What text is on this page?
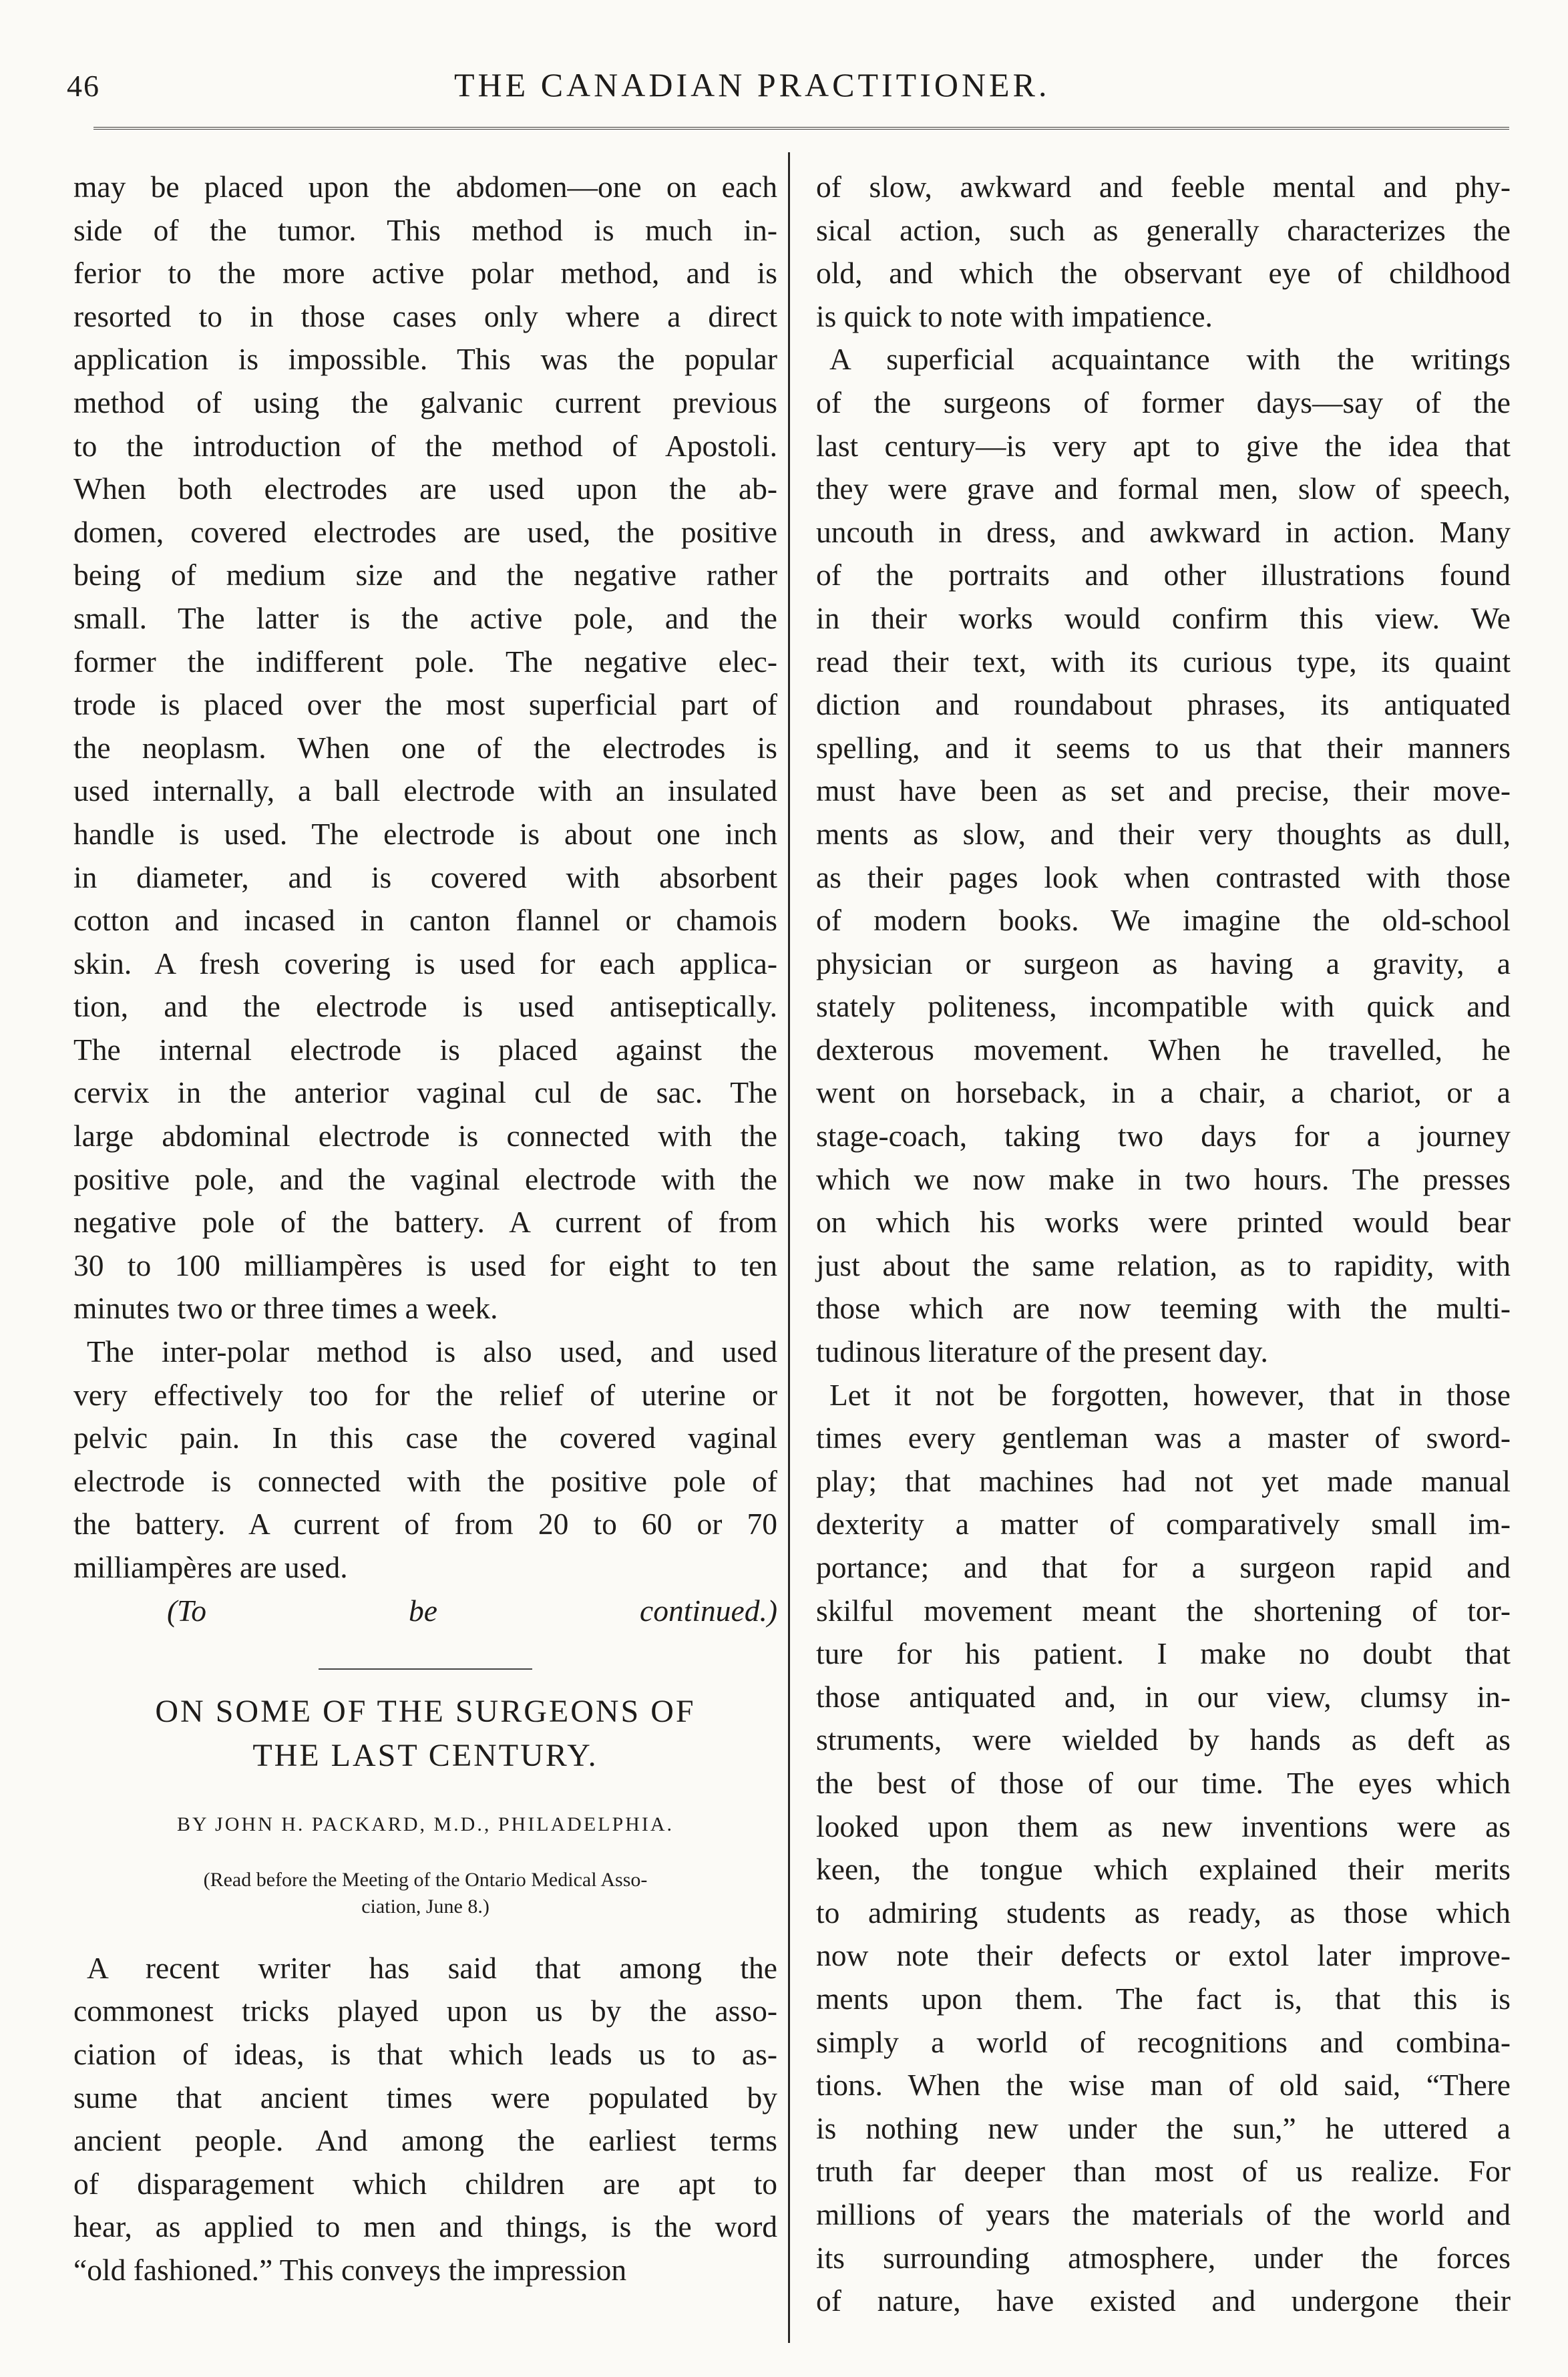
46	THE CANADIAN PRACTITIONER.

may be placed upon the abdomen—one on each

side of the tumor. This method is much in-

ferior to the more active polar method, and is

resorted to in those cases only where a direct

application is impossible. This was the popular

method of using the galvanic current previous

to the introduction of the method of Apostoli.

When both electrodes are used upon the ab-

domen, covered electrodes are used, the positive

being of medium size and the negative rather

small. The latter is the active pole, and the

former the indifferent pole. The negative elec-

trode is placed over the most superficial part of

the neoplasm. When one of the electrodes is

used internally, a ball electrode with an insulated

handle is used. The electrode is about one inch

in diameter, and is covered with absorbent

cotton and incased in canton flannel or chamois

skin. A fresh covering is used for each applica-

tion, and the electrode is used antiseptically.

The internal electrode is placed against the

cervix in the anterior vaginal cul de sac. The

large abdominal electrode is connected with the

positive pole, and the vaginal electrode with the

negative pole of the battery. A current of from

30 to 100 milliampères is used for eight to ten

minutes two or three times a week.

The inter-polar method is also used, and used

very effectively too for the relief of uterine or

pelvic pain. In this case the covered vaginal

electrode is connected with the positive pole of

the battery. A current of from 20 to 60 or 70

milliampères are used.

(To be continued.)

ON SOME OF THE SURGEONS OF
THE LAST CENTURY.
BY JOHN H. PACKARD, M.D., PHILADELPHIA.
(Read before the Meeting of the Ontario Medical Asso-
ciation, June 8.)

A recent writer has said that among the

commonest tricks played upon us by the asso-

ciation of ideas, is that which leads us to as-

sume that ancient times were populated by

ancient people. And among the earliest terms

of disparagement which children are apt to

hear, as applied to men and things, is the word

“old fashioned.” This conveys the impression

of slow, awkward and feeble mental and phy-

sical action, such as generally characterizes the

old, and which the observant eye of childhood

is quick to note with impatience.

A superficial acquaintance with the writings

of the surgeons of former days—say of the

last century—is very apt to give the idea that

they were grave and formal men, slow of speech,

uncouth in dress, and awkward in action. Many

of the portraits and other illustrations found

in their works would confirm this view. We

read their text, with its curious type, its quaint

diction and roundabout phrases, its antiquated

spelling, and it seems to us that their manners

must have been as set and precise, their move-

ments as slow, and their very thoughts as dull,

as their pages look when contrasted with those

of modern books. We imagine the old-school

physician or surgeon as having a gravity, a

stately politeness, incompatible with quick and

dexterous movement. When he travelled, he

went on horseback, in a chair, a chariot, or a

stage-coach, taking two days for a journey

which we now make in two hours. The presses

on which his works were printed would bear

just about the same relation, as to rapidity, with

those which are now teeming with the multi-

tudinous literature of the present day.

Let it not be forgotten, however, that in those

times every gentleman was a master of sword-

play; that machines had not yet made manual

dexterity a matter of comparatively small im-

portance; and that for a surgeon rapid and

skilful movement meant the shortening of tor-

ture for his patient. I make no doubt that

those antiquated and, in our view, clumsy in-

struments, were wielded by hands as deft as

the best of those of our time. The eyes which

looked upon them as new inventions were as

keen, the tongue which explained their merits

to admiring students as ready, as those which

now note their defects or extol later improve-

ments upon them. The fact is, that this is

simply a world of recognitions and combina-

tions. When the wise man of old said, “There

is nothing new under the sun,” he uttered a

truth far deeper than most of us realize. For

millions of years the materials of the world and

its surrounding atmosphere, under the forces

of nature, have existed and undergone their
